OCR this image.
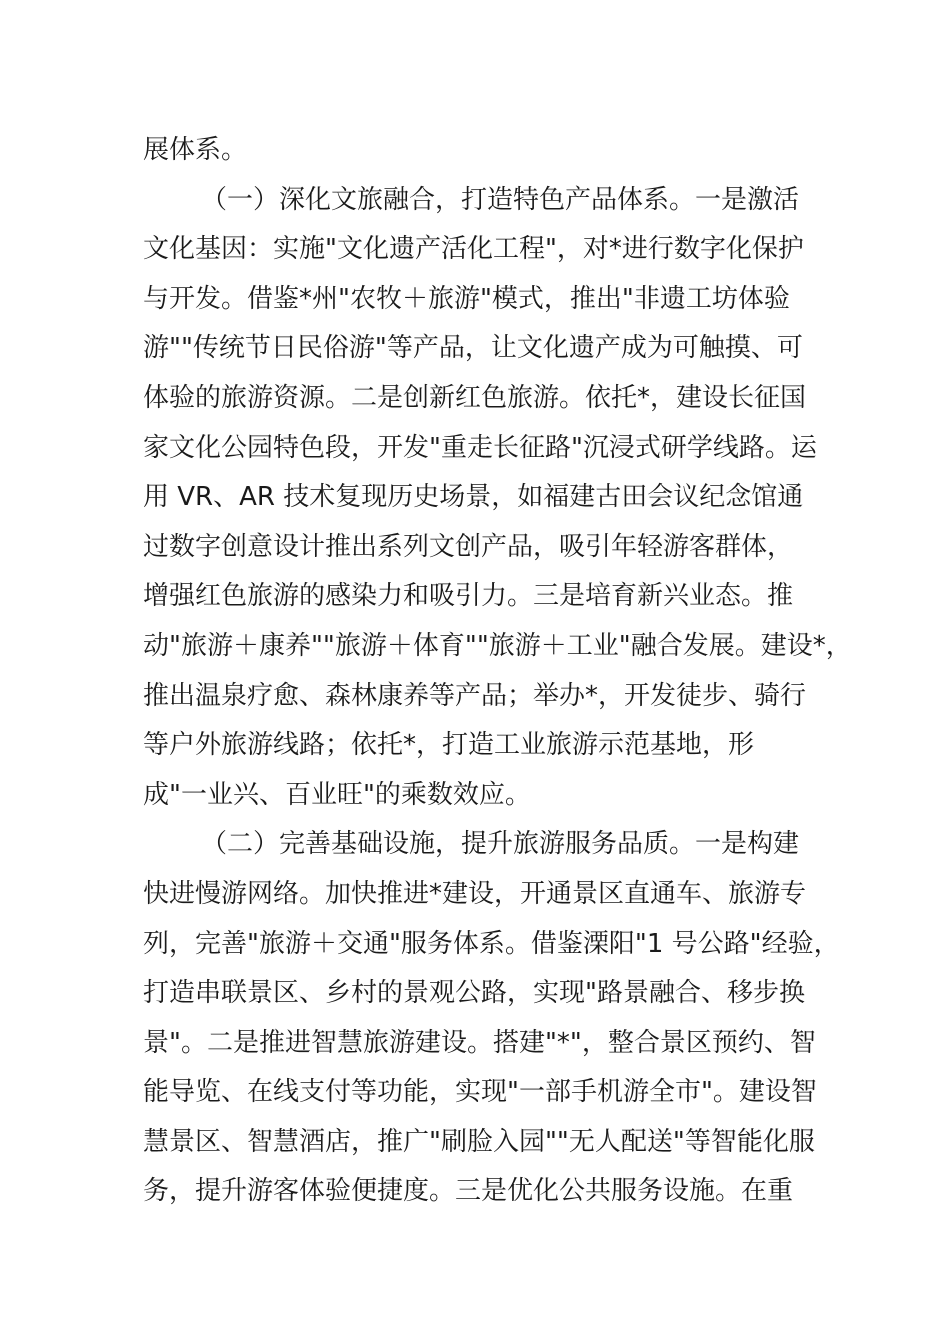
展体系。
（一）深化文旅融合，打造特色产品体系。一是激活
文化基因：实施"文化遗产活化工程"，对*进行数字化保护
与开发。借鉴*州"农牧＋旅游"模式，推出"非遗工坊体验
游""传统节日民俗游"等产品，让文化遗产成为可触摸、可
体验的旅游资源。二是创新红色旅游。依托*，建设长征国
家文化公园特色段，开发"重走长征路"沉浸式研学线路。运
用 VR、AR 技术复现历史场景，如福建古田会议纪念馆通
过数字创意设计推出系列文创产品，吸引年轻游客群体，
增强红色旅游的感染力和吸引力。三是培育新兴业态。推
动"旅游＋康养""旅游＋体育""旅游＋工业"融合发展。建设*，
推出温泉疗愈、森林康养等产品；举办*，开发徒步、骑行
等户外旅游线路；依托*，打造工业旅游示范基地，形
成"一业兴、百业旺"的乘数效应。
（二）完善基础设施，提升旅游服务品质。一是构建
快进慢游网络。加快推进*建设，开通景区直通车、旅游专
列，完善"旅游＋交通"服务体系。借鉴溧阳"1 号公路"经验，
打造串联景区、乡村的景观公路，实现"路景融合、移步换
景"。二是推进智慧旅游建设。搭建"*"，整合景区预约、智
能导览、在线支付等功能，实现"一部手机游全市"。建设智
慧景区、智慧酒店，推广"刷脸入园""无人配送"等智能化服
务，提升游客体验便捷度。三是优化公共服务设施。在重
